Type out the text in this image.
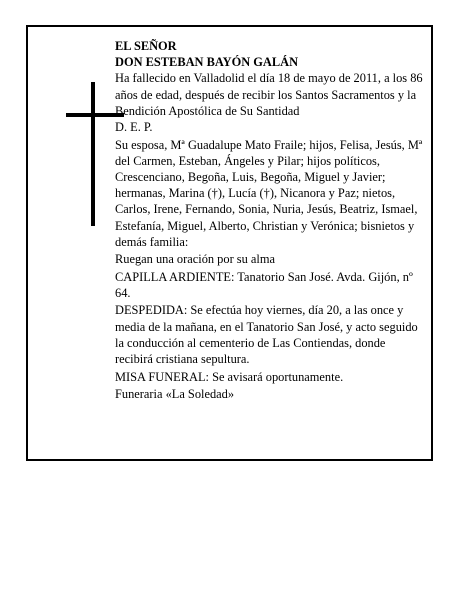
EL SEÑOR
DON ESTEBAN BAYÓN GALÁN

Ha fallecido en Valladolid el día 18 de mayo de 2011, a los 86 años de edad, después de recibir los Santos Sacramentos y la Bendición Apostólica de Su Santidad
D. E. P.

Su esposa, Mª Guadalupe Mato Fraile; hijos, Felisa, Jesús, Mª del Carmen, Esteban, Ángeles y Pilar; hijos políticos, Crescenciano, Begoña, Luis, Begoña, Miguel y Javier; hermanas, Marina (†), Lucía (†), Nicanora y Paz; nietos, Carlos, Irene, Fernando, Sonia, Nuria, Jesús, Beatriz, Ismael, Estefanía, Miguel, Alberto, Christian y Verónica; bisnietos y demás familia:

Ruegan una oración por su alma

CAPILLA ARDIENTE: Tanatorio San José. Avda. Gijón, nº 64.

DESPEDIDA: Se efectúa hoy viernes, día 20, a las once y media de la mañana, en el Tanatorio San José, y acto seguido la conducción al cementerio de Las Contiendas, donde recibirá cristiana sepultura.

MISA FUNERAL: Se avisará oportunamente.

Funeraria «La Soledad»
